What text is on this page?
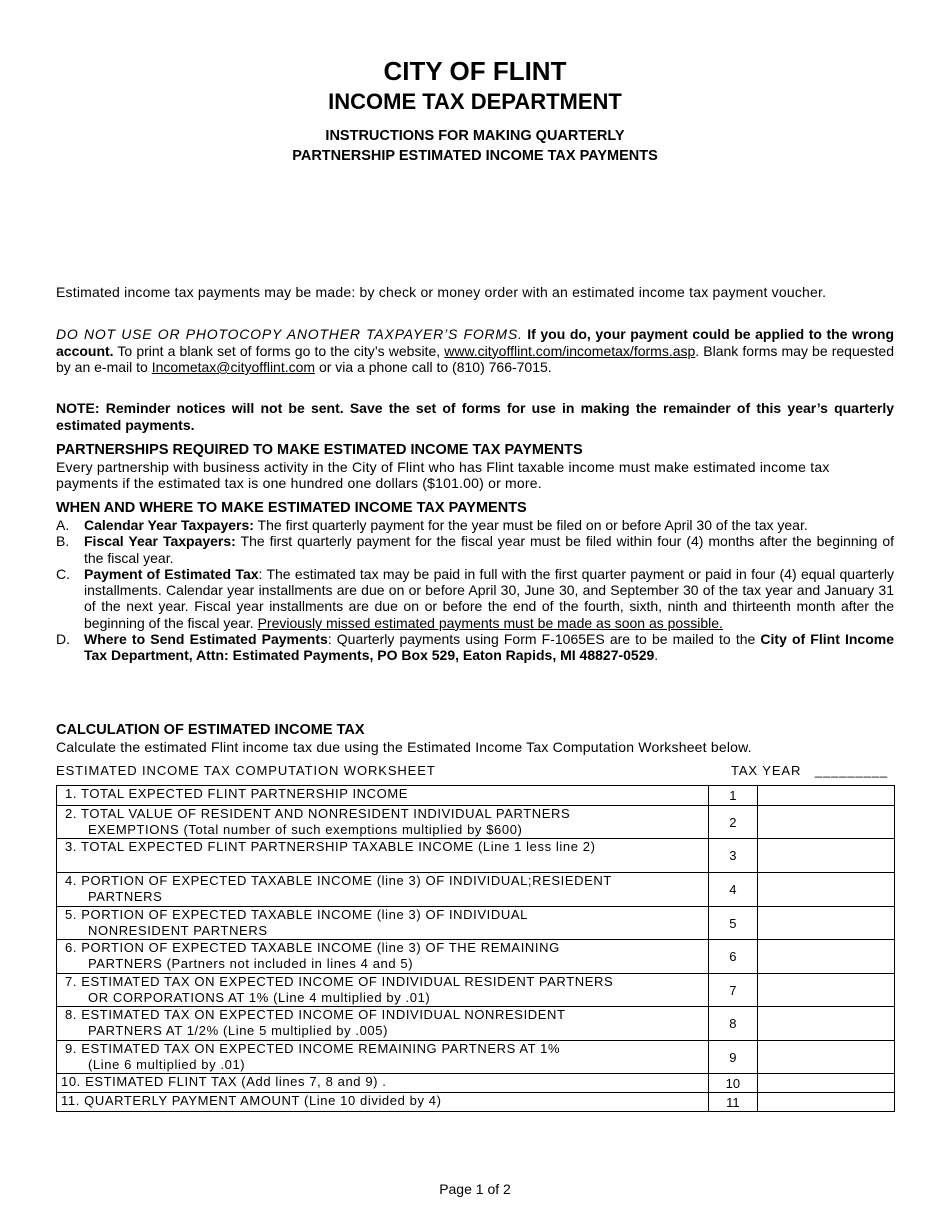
CITY OF FLINT
INCOME TAX DEPARTMENT
INSTRUCTIONS FOR MAKING QUARTERLY
PARTNERSHIP ESTIMATED INCOME TAX PAYMENTS
Estimated income tax payments may be made: by check or money order with an estimated income tax payment voucher.
DO NOT USE OR PHOTOCOPY ANOTHER TAXPAYER’S FORMS. If you do, your payment could be applied to the wrong account. To print a blank set of forms go to the city’s website, www.cityofflint.com/incometax/forms.asp. Blank forms may be requested by an e-mail to Incometax@cityofflint.com or via a phone call to (810) 766-7015.
NOTE: Reminder notices will not be sent. Save the set of forms for use in making the remainder of this year’s quarterly estimated payments.
PARTNERSHIPS REQUIRED TO MAKE ESTIMATED INCOME TAX PAYMENTS
Every partnership with business activity in the City of Flint who has Flint taxable income must make estimated income tax payments if the estimated tax is one hundred one dollars ($101.00) or more.
WHEN AND WHERE TO MAKE ESTIMATED INCOME TAX PAYMENTS
A. Calendar Year Taxpayers: The first quarterly payment for the year must be filed on or before April 30 of the tax year.
B. Fiscal Year Taxpayers: The first quarterly payment for the fiscal year must be filed within four (4) months after the beginning of the fiscal year.
C. Payment of Estimated Tax: The estimated tax may be paid in full with the first quarter payment or paid in four (4) equal quarterly installments. Calendar year installments are due on or before April 30, June 30, and September 30 of the tax year and January 31 of the next year. Fiscal year installments are due on or before the end of the fourth, sixth, ninth and thirteenth month after the beginning of the fiscal year. Previously missed estimated payments must be made as soon as possible.
D. Where to Send Estimated Payments: Quarterly payments using Form F-1065ES are to be mailed to the City of Flint Income Tax Department, Attn: Estimated Payments, PO Box 529, Eaton Rapids, MI 48827-0529.
CALCULATION OF ESTIMATED INCOME TAX
Calculate the estimated Flint income tax due using the Estimated Income Tax Computation Worksheet below.
ESTIMATED INCOME TAX COMPUTATION WORKSHEET	TAX YEAR _________
1. TOTAL EXPECTED FLINT PARTNERSHIP INCOME	1	

2. TOTAL VALUE OF RESIDENT AND NONRESIDENT INDIVIDUAL PARTNERS
EXEMPTIONS (Total number of such exemptions multiplied by $600)	2	

3. TOTAL EXPECTED FLINT PARTNERSHIP TAXABLE INCOME (Line 1 less line 2)	3	

4. PORTION OF EXPECTED TAXABLE INCOME (line 3) OF INDIVIDUAL;RESIEDENT
PARTNERS	4	

5. PORTION OF EXPECTED TAXABLE INCOME (line 3) OF INDIVIDUAL
NONRESIDENT PARTNERS	5	

6. PORTION OF EXPECTED TAXABLE INCOME (line 3) OF THE REMAINING
PARTNERS (Partners not included in lines 4 and 5)	6	

7. ESTIMATED TAX ON EXPECTED INCOME OF INDIVIDUAL RESIDENT PARTNERS
OR CORPORATIONS AT 1% (Line 4 multiplied by .01)	7	

8. ESTIMATED TAX ON EXPECTED INCOME OF INDIVIDUAL NONRESIDENT
PARTNERS AT 1/2% (Line 5 multiplied by .005)	8	

9. ESTIMATED TAX ON EXPECTED INCOME REMAINING PARTNERS AT 1%
(Line 6 multiplied by .01)	9	

10. ESTIMATED FLINT TAX (Add lines 7, 8 and 9) .	10	

11. QUARTERLY PAYMENT AMOUNT (Line 10 divided by 4)	11	
Page 1 of 2
